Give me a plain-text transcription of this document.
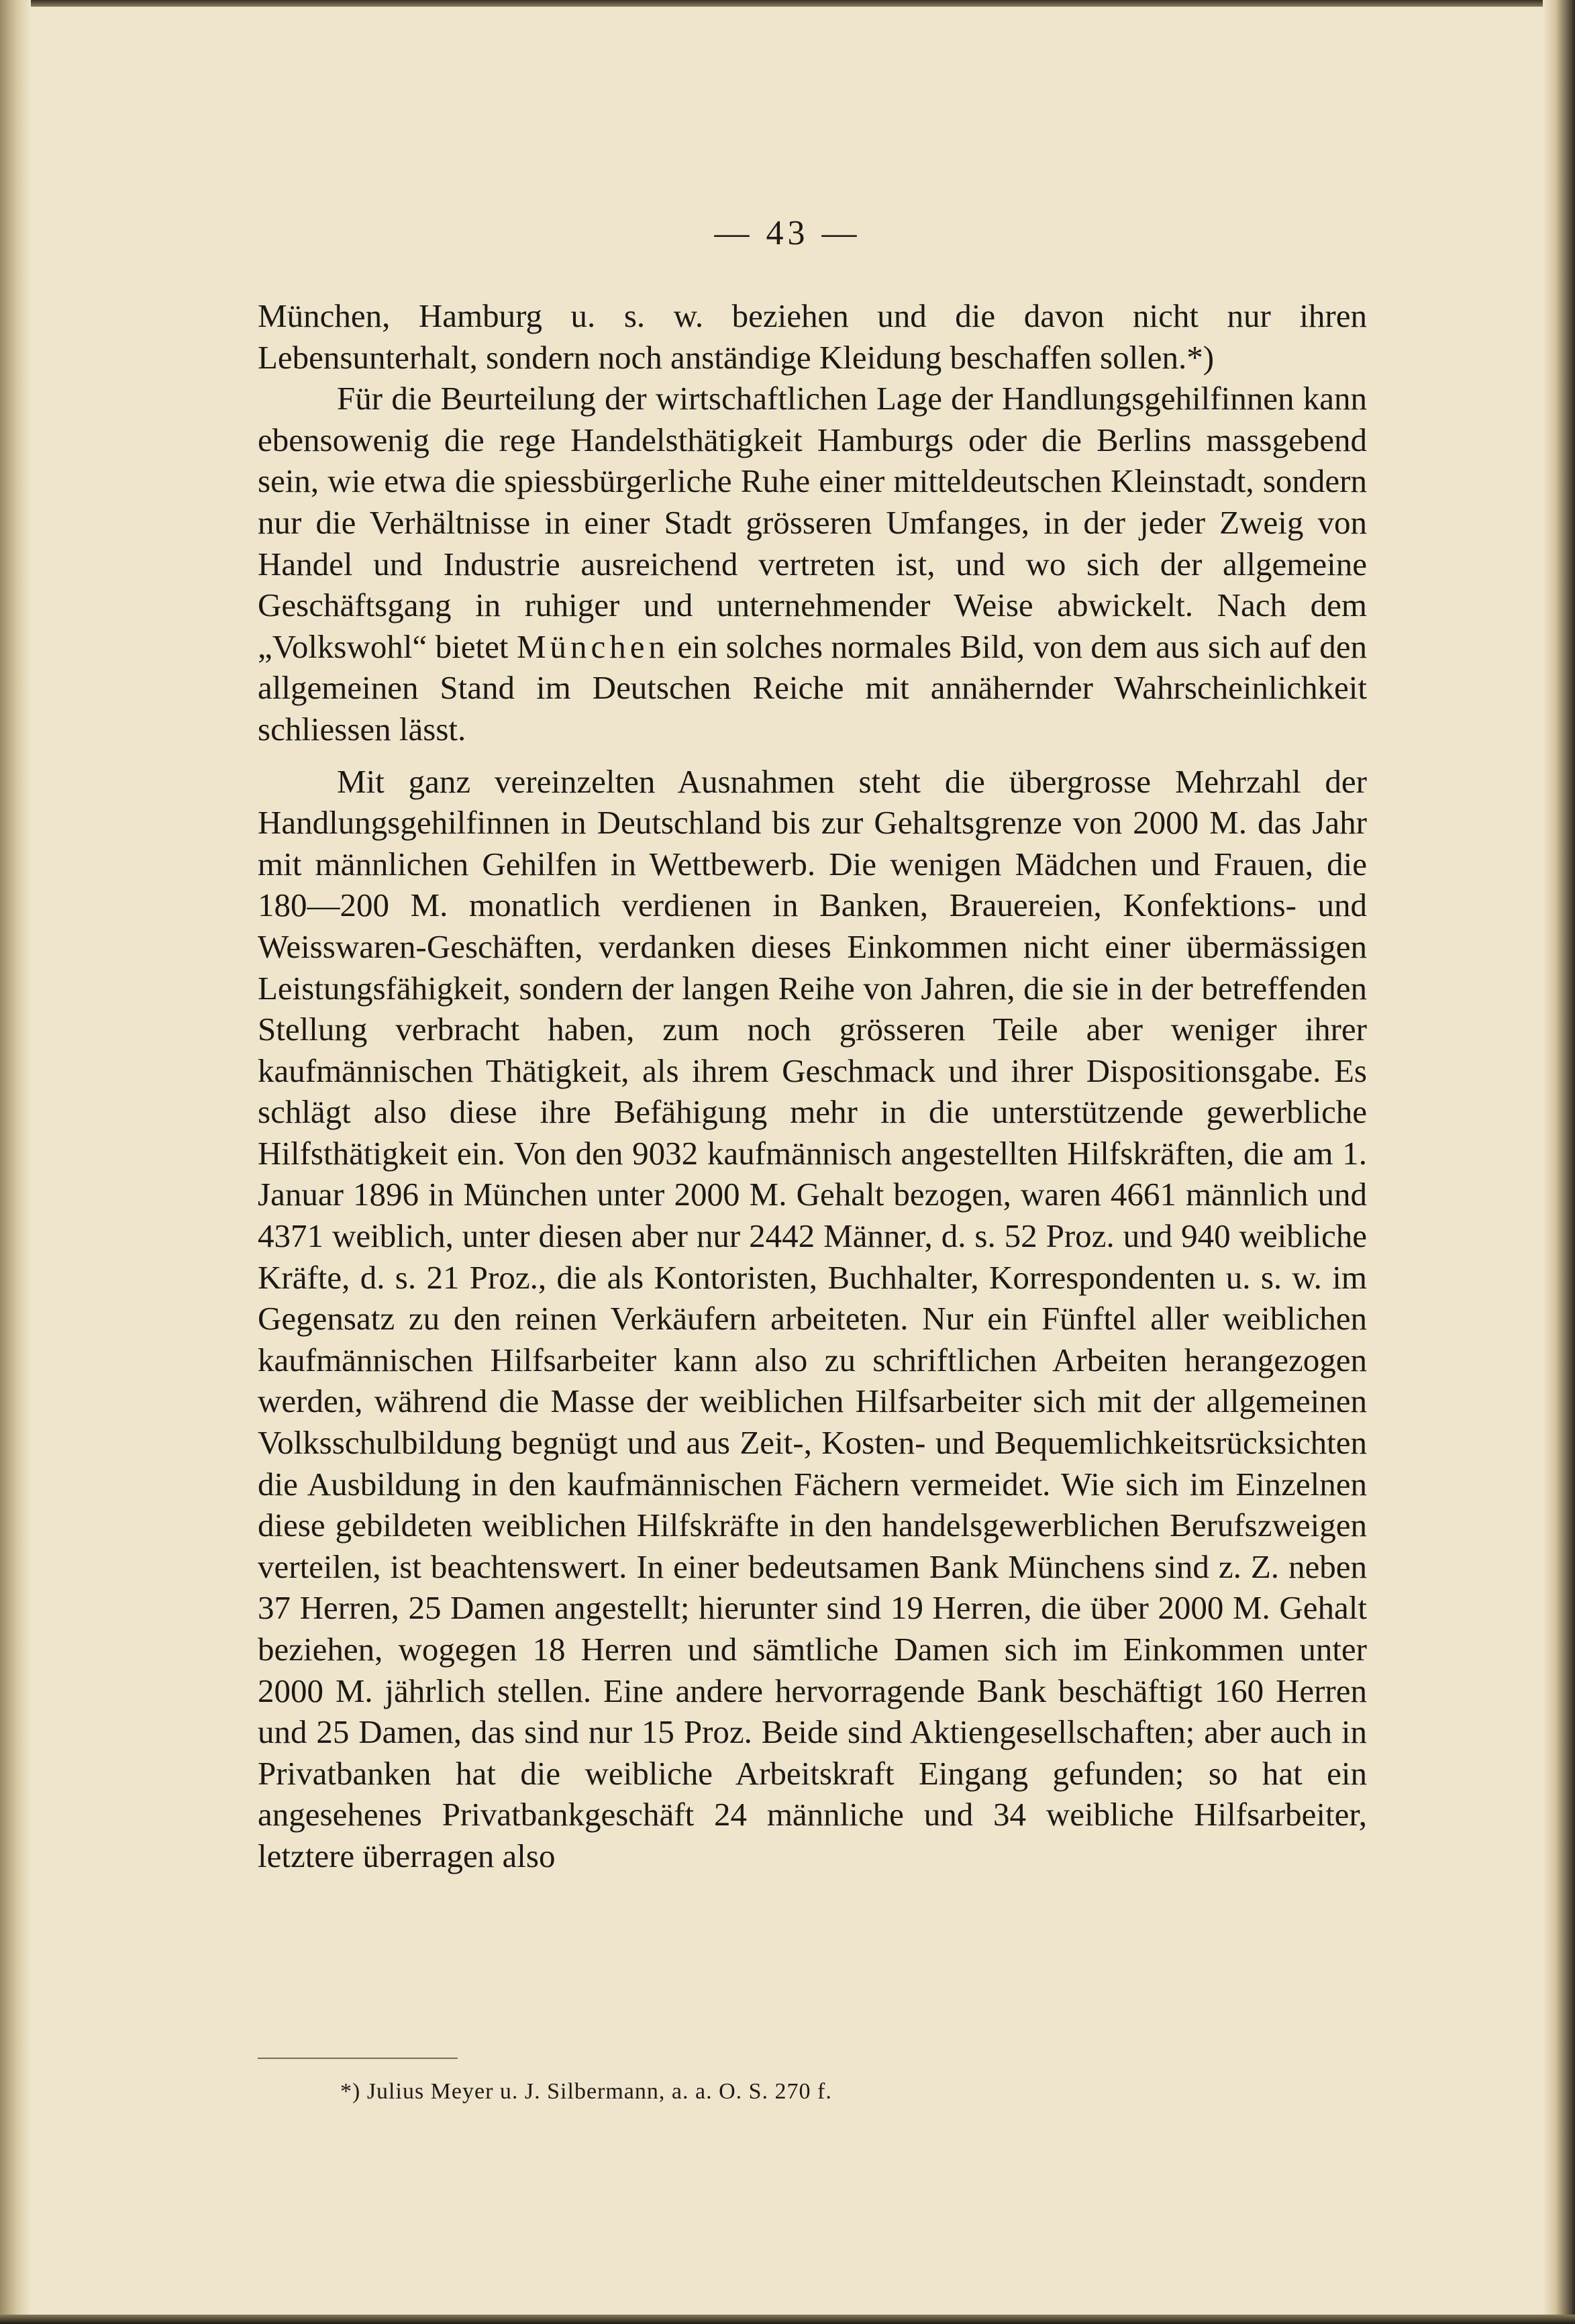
— 43 —

München, Hamburg u. s. w. beziehen und die davon nicht nur ihren Lebensunterhalt, sondern noch anständige Kleidung beschaffen sollen.*)

Für die Beurteilung der wirtschaftlichen Lage der Handlungsgehilfinnen kann ebensowenig die rege Handelsthätigkeit Hamburgs oder die Berlins massgebend sein, wie etwa die spiessbürgerliche Ruhe einer mitteldeutschen Kleinstadt, sondern nur die Verhältnisse in einer Stadt grösseren Umfanges, in der jeder Zweig von Handel und Industrie ausreichend vertreten ist, und wo sich der allgemeine Geschäftsgang in ruhiger und unternehmender Weise abwickelt. Nach dem „Volkswohl“ bietet München ein solches normales Bild, von dem aus sich auf den allgemeinen Stand im Deutschen Reiche mit annähernder Wahrscheinlichkeit schliessen lässt.

Mit ganz vereinzelten Ausnahmen steht die übergrosse Mehrzahl der Handlungsgehilfinnen in Deutschland bis zur Gehaltsgrenze von 2000 M. das Jahr mit männlichen Gehilfen in Wettbewerb. Die wenigen Mädchen und Frauen, die 180—200 M. monatlich verdienen in Banken, Brauereien, Konfektions- und Weisswaren-Geschäften, verdanken dieses Einkommen nicht einer übermässigen Leistungsfähigkeit, sondern der langen Reihe von Jahren, die sie in der betreffenden Stellung verbracht haben, zum noch grösseren Teile aber weniger ihrer kaufmännischen Thätigkeit, als ihrem Geschmack und ihrer Dispositionsgabe. Es schlägt also diese ihre Befähigung mehr in die unterstützende gewerbliche Hilfsthätigkeit ein. Von den 9032 kaufmännisch angestellten Hilfskräften, die am 1. Januar 1896 in München unter 2000 M. Gehalt bezogen, waren 4661 männlich und 4371 weiblich, unter diesen aber nur 2442 Männer, d. s. 52 Proz. und 940 weibliche Kräfte, d. s. 21 Proz., die als Kontoristen, Buchhalter, Korrespondenten u. s. w. im Gegensatz zu den reinen Verkäufern arbeiteten. Nur ein Fünftel aller weiblichen kaufmännischen Hilfsarbeiter kann also zu schriftlichen Arbeiten herangezogen werden, während die Masse der weiblichen Hilfsarbeiter sich mit der allgemeinen Volksschulbildung begnügt und aus Zeit-, Kosten- und Bequemlichkeitsrücksichten die Ausbildung in den kaufmännischen Fächern vermeidet. Wie sich im Einzelnen diese gebildeten weiblichen Hilfskräfte in den handelsgewerblichen Berufszweigen verteilen, ist beachtenswert. In einer bedeutsamen Bank Münchens sind z. Z. neben 37 Herren, 25 Damen angestellt; hierunter sind 19 Herren, die über 2000 M. Gehalt beziehen, wogegen 18 Herren und sämtliche Damen sich im Einkommen unter 2000 M. jährlich stellen. Eine andere hervorragende Bank beschäftigt 160 Herren und 25 Damen, das sind nur 15 Proz. Beide sind Aktiengesellschaften; aber auch in Privatbanken hat die weibliche Arbeitskraft Eingang gefunden; so hat ein angesehenes Privatbankgeschäft 24 männliche und 34 weibliche Hilfsarbeiter, letztere überragen also

*) Julius Meyer u. J. Silbermann, a. a. O. S. 270 f.
